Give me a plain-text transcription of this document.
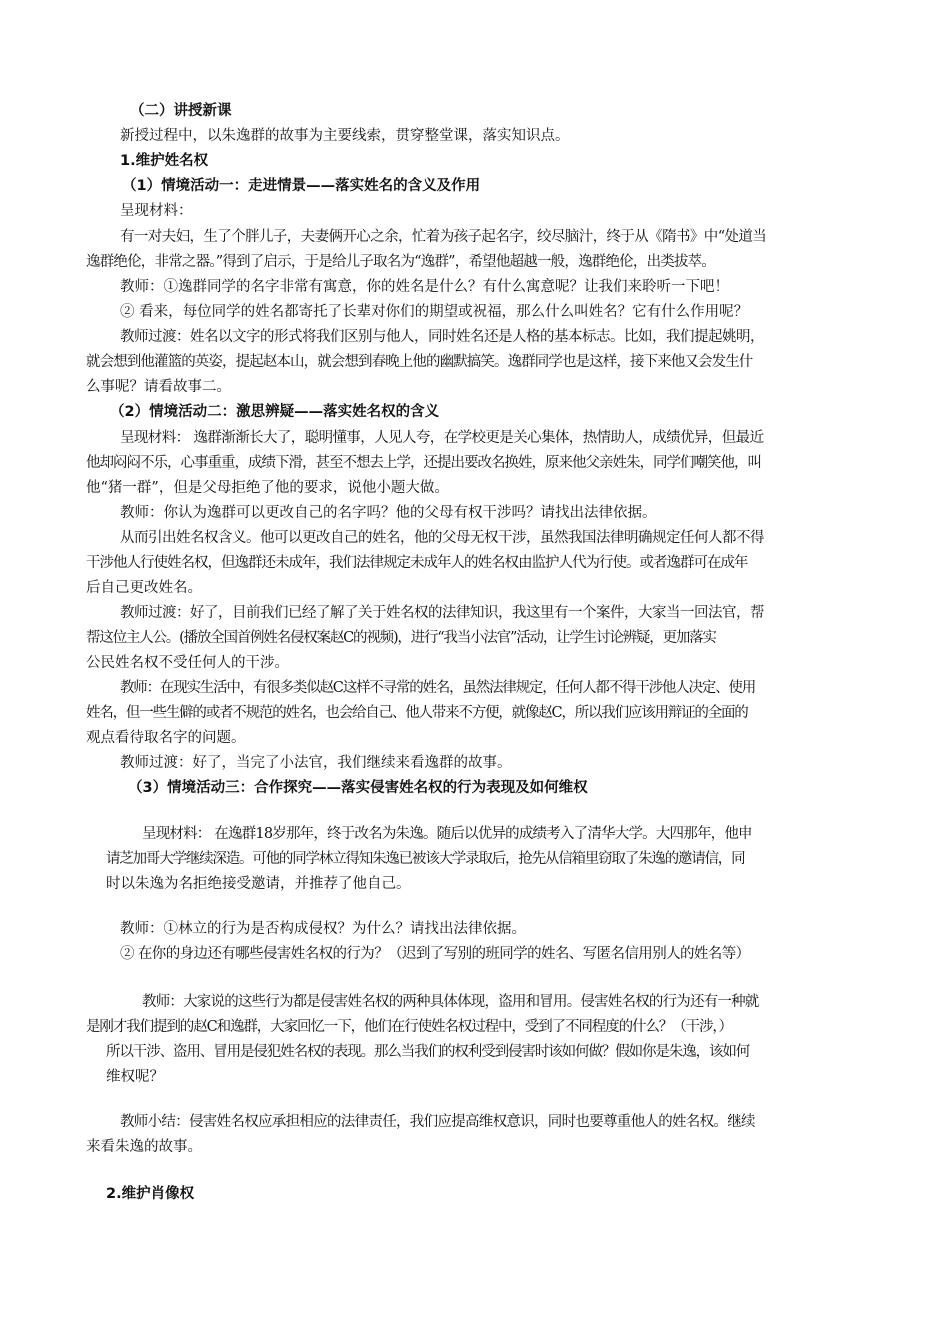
（二）讲授新课
新授过程中，以朱逸群的故事为主要线索，贯穿整堂课，落实知识点。
1.维护姓名权
（1）情境活动一：走进情景——落实姓名的含义及作用
呈现材料：
有一对夫妇，生了个胖儿子，夫妻俩开心之余，忙着为孩子起名字，绞尽脑汁，终于从《隋书》中“处道当
逸群绝伦，非常之器。”得到了启示，于是给儿子取名为“逸群”，希望他超越一般，逸群绝伦，出类拔萃。
教师：①逸群同学的名字非常有寓意，你的姓名是什么？有什么寓意呢？让我们来聆听一下吧！
② 看来，每位同学的姓名都寄托了长辈对你们的期望或祝福，那么什么叫姓名？它有什么作用呢？
教师过渡：姓名以文字的形式将我们区别与他人，同时姓名还是人格的基本标志。比如，我们提起姚明，
就会想到他灌篮的英姿，提起赵本山，就会想到春晚上他的幽默搞笑。逸群同学也是这样，接下来他又会发生什
么事呢？请看故事二。
（2）情境活动二：激思辨疑——落实姓名权的含义
呈现材料： 逸群渐渐长大了，聪明懂事，人见人夸，在学校更是关心集体，热情助人，成绩优异，但最近
他却闷闷不乐，心事重重，成绩下滑，甚至不想去上学，还提出要改名换姓，原来他父亲姓朱，同学们嘲笑他，叫
他“猪一群”，但是父母拒绝了他的要求，说他小题大做。
教师：你认为逸群可以更改自己的名字吗？他的父母有权干涉吗？请找出法律依据。
从而引出姓名权含义。他可以更改自己的姓名，他的父母无权干涉，虽然我国法律明确规定任何人都不得
干涉他人行使姓名权，但逸群还未成年，我们法律规定未成年人的姓名权由监护人代为行使。或者逸群可在成年
后自己更改姓名。
教师过渡：好了，目前我们已经了解了关于姓名权的法律知识，我这里有一个案件，大家当一回法官，帮
帮这位主人公。(播放全国首例姓名侵权案赵C的视频)，进行“我当小法官”活动，让学生讨论辨疑，更加落实
公民姓名权不受任何人的干涉。
教师：在现实生活中，有很多类似赵C这样不寻常的姓名，虽然法律规定，任何人都不得干涉他人决定、使用
姓名，但一些生僻的或者不规范的姓名，也会给自己、他人带来不方便，就像赵C，所以我们应该用辩证的全面的
观点看待取名字的问题。
教师过渡：好了，当完了小法官，我们继续来看逸群的故事。
（3）情境活动三：合作探究——落实侵害姓名权的行为表现及如何维权
呈现材料： 在逸群18岁那年，终于改名为朱逸。随后以优异的成绩考入了清华大学。大四那年，他申
请芝加哥大学继续深造。可他的同学林立得知朱逸已被该大学录取后，抢先从信箱里窃取了朱逸的邀请信，同
时以朱逸为名拒绝接受邀请，并推荐了他自己。
教师：①林立的行为是否构成侵权？为什么？请找出法律依据。
② 在你的身边还有哪些侵害姓名权的行为？（迟到了写别的班同学的姓名、写匿名信用别人的姓名等）
教师：大家说的这些行为都是侵害姓名权的两种具体体现，盗用和冒用。侵害姓名权的行为还有一种就
是刚才我们提到的赵C和逸群，大家回忆一下，他们在行使姓名权过程中，受到了不同程度的什么？（干涉，）
所以干涉、盗用、冒用是侵犯姓名权的表现。那么当我们的权利受到侵害时该如何做？假如你是朱逸，该如何
维权呢？
教师小结：侵害姓名权应承担相应的法律责任，我们应提高维权意识，同时也要尊重他人的姓名权。继续
来看朱逸的故事。
2.维护肖像权
